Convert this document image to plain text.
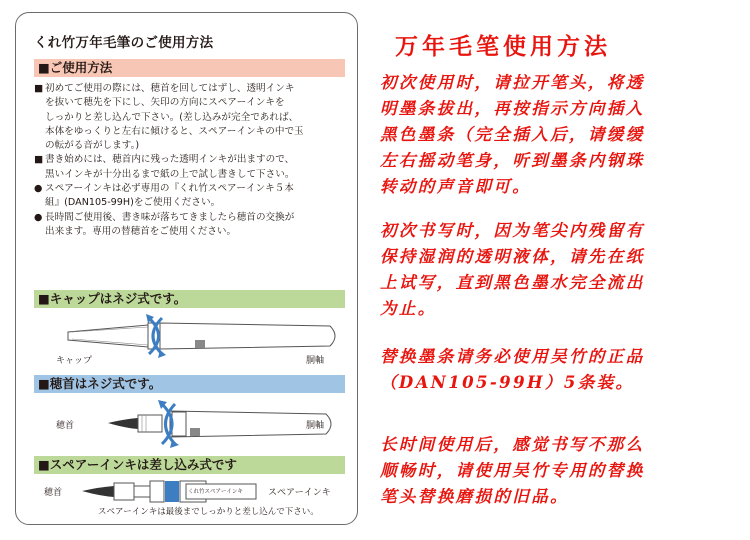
くれ竹万年毛筆のご使用方法
■ご使用方法

■ 初めてご使用の際には、穂首を回してはずし、透明インキ
を抜いて穂先を下にし、矢印の方向にスペアーインキを
しっかりと差し込んで下さい。(差し込みが完全であれば、
本体をゆっくりと左右に傾けると、スペアーインキの中で玉
の転がる音がします。)

■ 書き始めには、穂首内に残った透明インキが出ますので、
黒いインキが十分出るまで紙の上で試し書きして下さい。

● スペアーインキは必ず専用の『くれ竹スペアーインキ５本
組』(DAN105-99H)をご使用ください。

● 長時間ご使用後、書き味が落ちてきましたら穂首の交換が
出来ます。専用の替穂首をご使用ください。

■キャップはネジ式です。
キャップ	胴軸
■穂首はネジ式です。
穂首	胴軸
■スペアーインキは差し込み式です
くれ竹スペアーインキ
穂首	スペアーインキ
スペアーインキは最後までしっかりと差し込んで下さい。
万年毛笔使用方法
初次使用时，请拉开笔头，将透
明墨条拔出，再按指示方向插入
黑色墨条（完全插入后，请缓缓
左右摇动笔身，听到墨条内钢珠
转动的声音即可。
初次书写时，因为笔尖内残留有
保持湿润的透明液体，请先在纸
上试写，直到黑色墨水完全流出
为止。
替换墨条请务必使用吴竹的正品
（DAN105-99H）5条装。
长时间使用后，感觉书写不那么
顺畅时，请使用吴竹专用的替换
笔头替换磨损的旧品。
